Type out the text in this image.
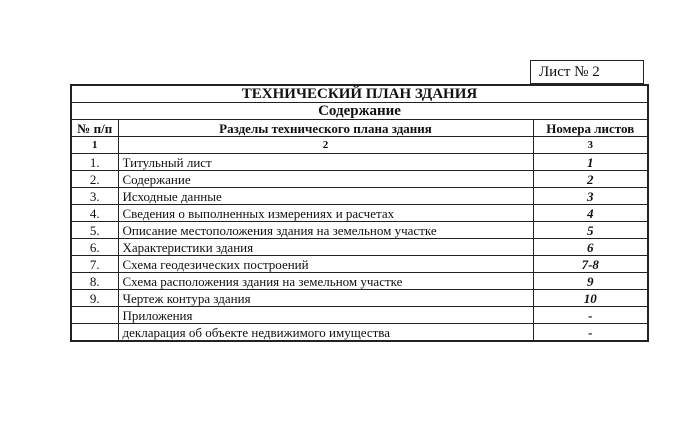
Лист № 2
ТЕХНИЧЕСКИЙ ПЛАН ЗДАНИЯ		
Содержание		
№ п/п	Разделы технического плана здания	Номера листов
1	2	3
1.	Титульный лист	1
2.	Содержание	2
3.	Исходные данные	3
4.	Сведения о выполненных измерениях и расчетах	4
5.	Описание местоположения здания на земельном участке	5
6.	Характеристики здания	6
7.	Схема геодезических построений	7-8
8.	Схема расположения здания на земельном участке	9
9.	Чертеж контура здания	10
	Приложения	-
	декларация об объекте недвижимого имущества	-
